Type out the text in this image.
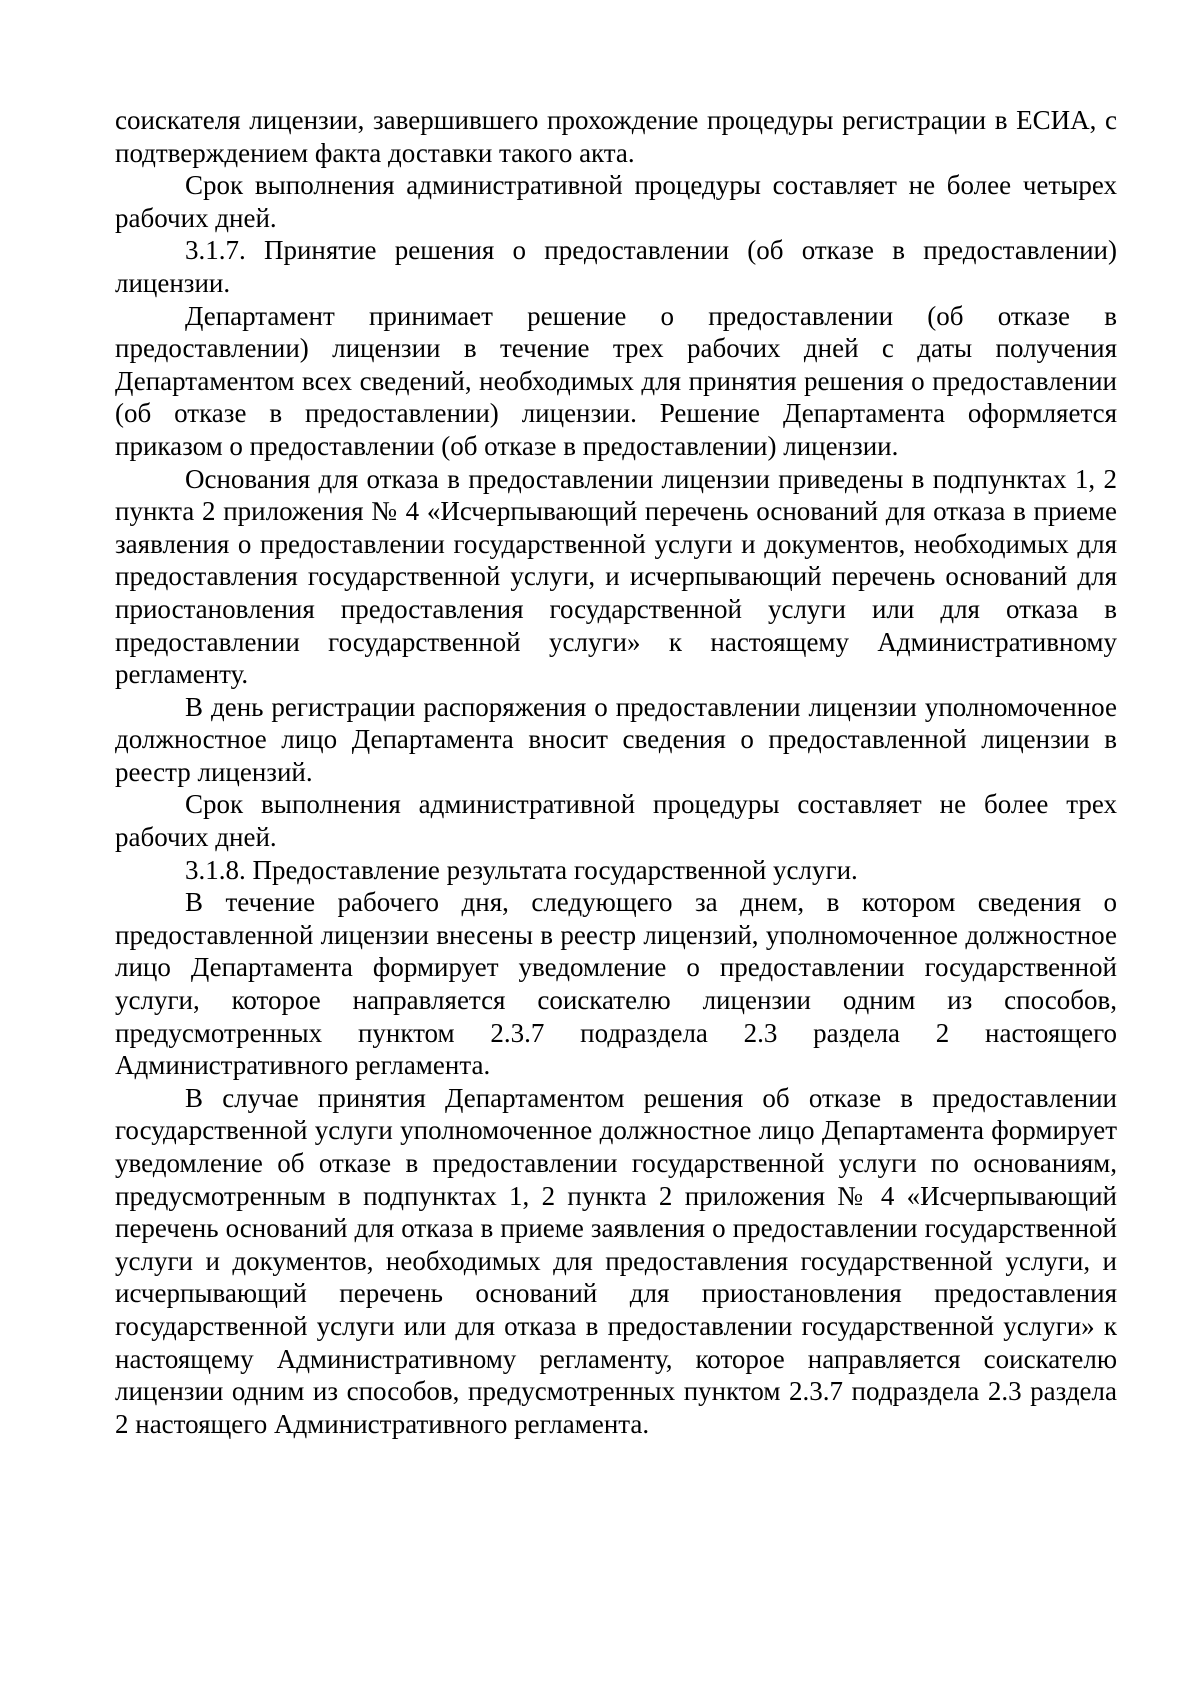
соискателя лицензии, завершившего прохождение процедуры регистрации в ЕСИА, с подтверждением факта доставки такого акта.

Срок выполнения административной процедуры составляет не более четырех рабочих дней.

3.1.7. Принятие решения о предоставлении (об отказе в предоставлении) лицензии.

Департамент принимает решение о предоставлении (об отказе в предоставлении) лицензии в течение трех рабочих дней с даты получения Департаментом всех сведений, необходимых для принятия решения о предоставлении (об отказе в предоставлении) лицензии. Решение Департамента оформляется приказом о предоставлении (об отказе в предоставлении) лицензии.

Основания для отказа в предоставлении лицензии приведены в подпунктах 1, 2 пункта 2 приложения № 4 «Исчерпывающий перечень оснований для отказа в приеме заявления о предоставлении государственной услуги и документов, необходимых для предоставления государственной услуги, и исчерпывающий перечень оснований для приостановления предоставления государственной услуги или для отказа в предоставлении государственной услуги» к настоящему Административному регламенту.

В день регистрации распоряжения о предоставлении лицензии уполномоченное должностное лицо Департамента вносит сведения о предоставленной лицензии в реестр лицензий.

Срок выполнения административной процедуры составляет не более трех рабочих дней.

3.1.8. Предоставление результата государственной услуги.

В течение рабочего дня, следующего за днем, в котором сведения о предоставленной лицензии внесены в реестр лицензий, уполномоченное должностное лицо Департамента формирует уведомление о предоставлении государственной услуги, которое направляется соискателю лицензии одним из способов, предусмотренных пунктом 2.3.7 подраздела 2.3 раздела 2 настоящего Административного регламента.

В случае принятия Департаментом решения об отказе в предоставлении государственной услуги уполномоченное должностное лицо Департамента формирует уведомление об отказе в предоставлении государственной услуги по основаниям, предусмотренным в подпунктах 1, 2 пункта 2 приложения № 4 «Исчерпывающий перечень оснований для отказа в приеме заявления о предоставлении государственной услуги и документов, необходимых для предоставления государственной услуги, и исчерпывающий перечень оснований для приостановления предоставления государственной услуги или для отказа в предоставлении государственной услуги» к настоящему Административному регламенту, которое направляется соискателю лицензии одним из способов, предусмотренных пунктом 2.3.7 подраздела 2.3 раздела 2 настоящего Административного регламента.
